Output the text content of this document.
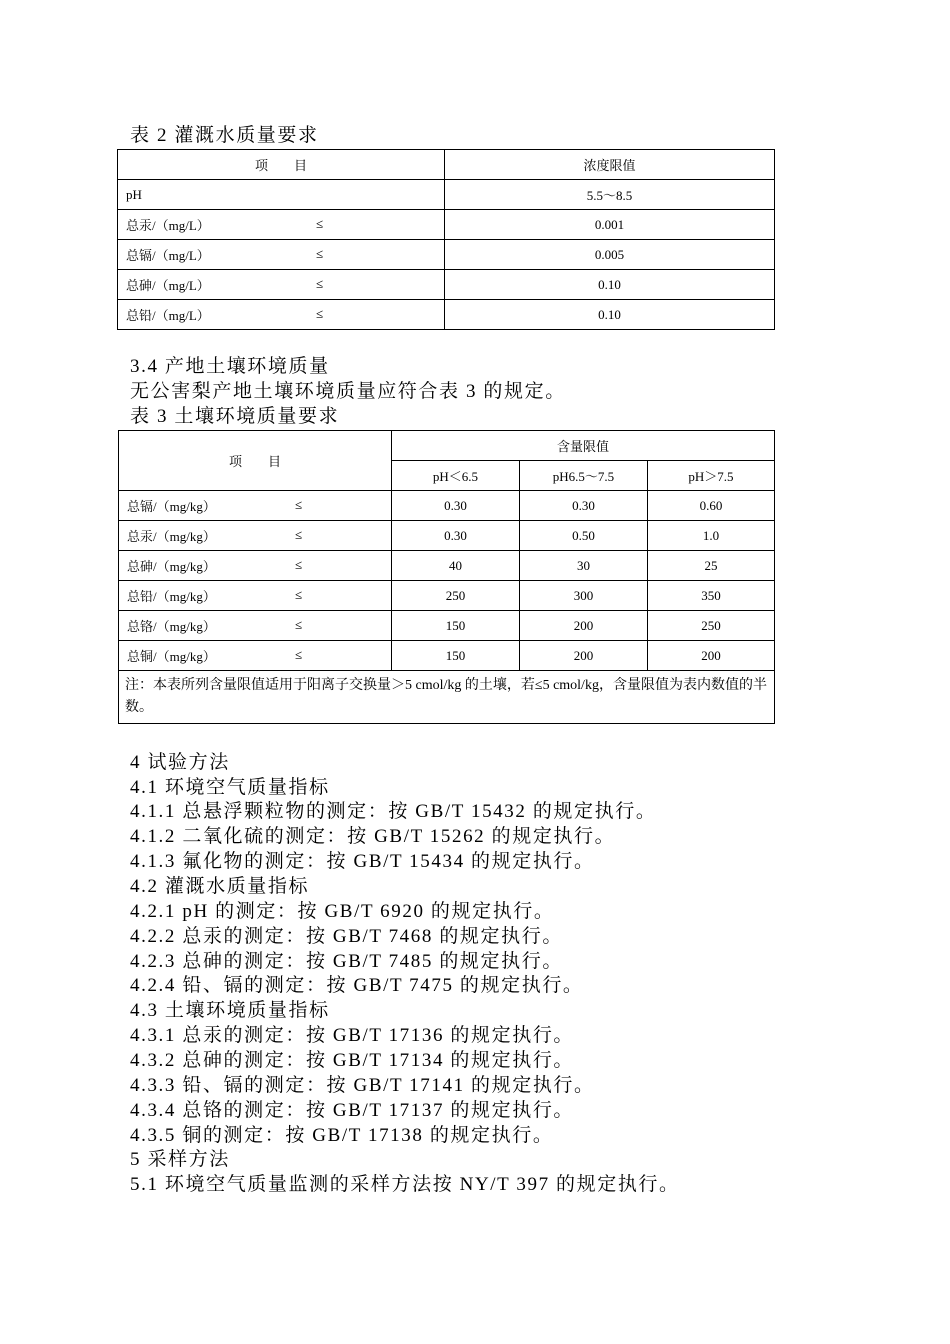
表 2 灌溉水质量要求
项　　目	浓度限值
pH	5.5～8.5
总汞/（mg/L） ≤	0.001
总镉/（mg/L） ≤	0.005
总砷/（mg/L） ≤	0.10
总铅/（mg/L） ≤	0.10
3.4 产地土壤环境质量
无公害梨产地土壤环境质量应符合表 3 的规定。
表 3 土壤环境质量要求
项　　目	含量限值		
	pH＜6.5	pH6.5～7.5	pH＞7.5
总镉/（mg/kg） ≤	0.30	0.30	0.60
总汞/（mg/kg） ≤	0.30	0.50	1.0
总砷/（mg/kg） ≤	40	30	25
总铅/（mg/kg） ≤	250	300	350
总铬/（mg/kg） ≤	150	200	250
总铜/（mg/kg） ≤	150	200	200
注：本表所列含量限值适用于阳离子交换量＞5 cmol/kg 的土壤，若≤5 cmol/kg，含量限值为表内数值的半数。			
4 试验方法
4.1 环境空气质量指标
4.1.1 总悬浮颗粒物的测定：按 GB/T 15432 的规定执行。
4.1.2 二氧化硫的测定：按 GB/T 15262 的规定执行。
4.1.3 氟化物的测定：按 GB/T 15434 的规定执行。
4.2 灌溉水质量指标
4.2.1 pH 的测定：按 GB/T 6920 的规定执行。
4.2.2 总汞的测定：按 GB/T 7468 的规定执行。
4.2.3 总砷的测定：按 GB/T 7485 的规定执行。
4.2.4 铅、镉的测定：按 GB/T 7475 的规定执行。
4.3 土壤环境质量指标
4.3.1 总汞的测定：按 GB/T 17136 的规定执行。
4.3.2 总砷的测定：按 GB/T 17134 的规定执行。
4.3.3 铅、镉的测定：按 GB/T 17141 的规定执行。
4.3.4 总铬的测定：按 GB/T 17137 的规定执行。
4.3.5 铜的测定：按 GB/T 17138 的规定执行。
5 采样方法
5.1 环境空气质量监测的采样方法按 NY/T 397 的规定执行。
